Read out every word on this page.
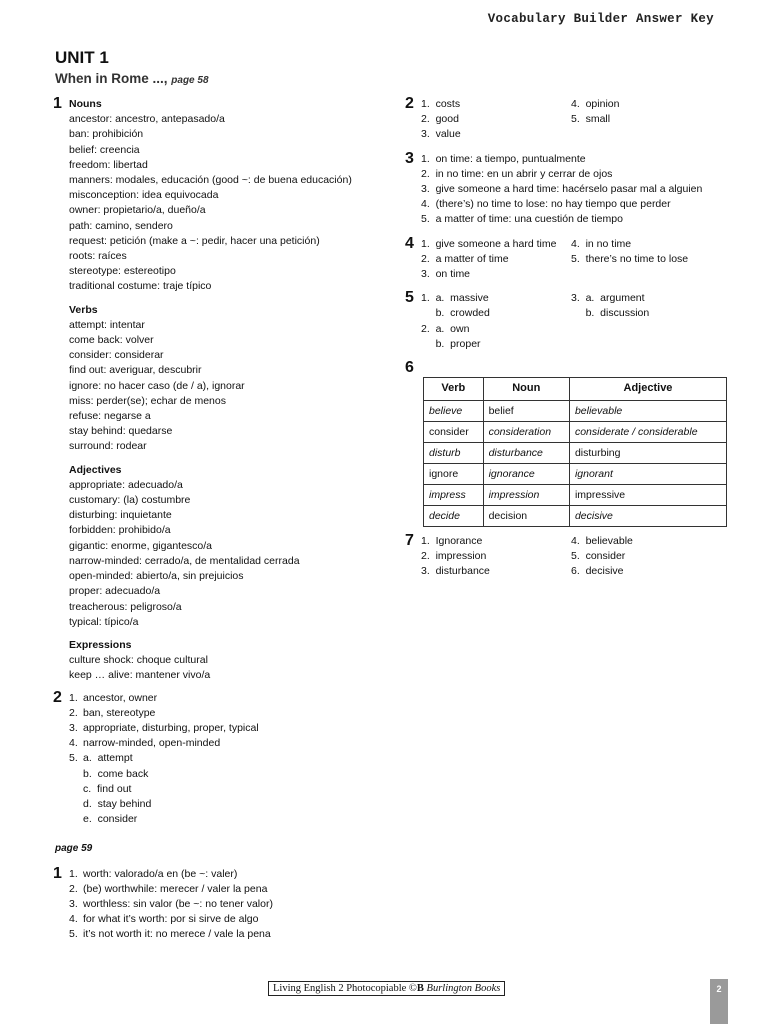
Vocabulary Builder Answer Key
UNIT 1
When in Rome ..., page 58
1 Nouns
ancestor: ancestro, antepasado/a
ban: prohibición
belief: creencia
freedom: libertad
manners: modales, educación (good ~: de buena educación)
misconception: idea equivocada
owner: propietario/a, dueño/a
path: camino, sendero
request: petición (make a ~: pedir, hacer una petición)
roots: raíces
stereotype: estereotipo
traditional costume: traje típico
Verbs
attempt: intentar
come back: volver
consider: considerar
find out: averiguar, descubrir
ignore: no hacer caso (de / a), ignorar
miss: perder(se); echar de menos
refuse: negarse a
stay behind: quedarse
surround: rodear
Adjectives
appropriate: adecuado/a
customary: (la) costumbre
disturbing: inquietante
forbidden: prohibido/a
gigantic: enorme, gigantesco/a
narrow-minded: cerrado/a, de mentalidad cerrada
open-minded: abierto/a, sin prejuicios
proper: adecuado/a
treacherous: peligroso/a
typical: típico/a
Expressions
culture shock: choque cultural
keep … alive: mantener vivo/a
2 1. ancestor, owner
2. ban, stereotype
3. appropriate, disturbing, proper, typical
4. narrow-minded, open-minded
5. a.  attempt
b.  come back
c.  find out
d.  stay behind
e.  consider
page 59
1 1. worth: valorado/a en (be ~: valer)
2. (be) worthwhile: merecer / valer la pena
3. worthless: sin valor (be ~: no tener valor)
4. for what it’s worth: por si sirve de algo
5. it’s not worth it: no merece / vale la pena
2 1.  costs
2.  good
3.  value
4.  opinion
5.  small
3 1.  on time: a tiempo, puntualmente
2.  in no time: en un abrir y cerrar de ojos
3.  give someone a hard time: hacérselo pasar mal a alguien
4.  (there’s) no time to lose: no hay tiempo que perder
5.  a matter of time: una cuestión de tiempo
4 1.  give someone a hard time
2.  a matter of time
3.  on time
4.  in no time
5.  there’s no time to lose
5 1.  a.  massive
b.  crowded
2.  a.  own
b.  proper
3.  a.  argument
b.  discussion
6
Verb	Noun	Adjective
believe	belief	believable
consider	consideration	considerate / considerable
disturb	disturbance	disturbing
ignore	ignorance	ignorant
impress	impression	impressive
decide	decision	decisive
7 1.  Ignorance
2.  impression
3.  disturbance
4.  believable
5.  consider
6.  decisive
Living English 2 Photocopiable ©B Burlington Books	2
